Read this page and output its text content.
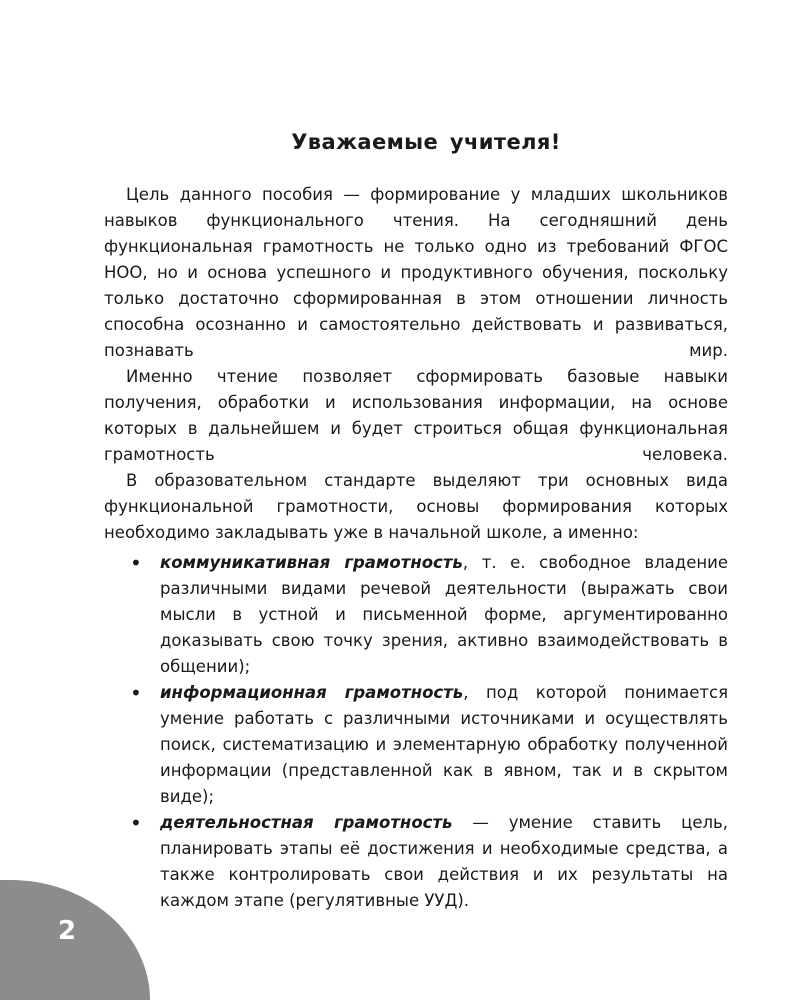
Уважаемые учителя!

Цель данного пособия — формирование у младших школьников навыков функционального чтения. На сегодняшний день функциональная грамотность не только одно из требований ФГОС НОО, но и основа успешного и продуктивного обучения, поскольку только достаточно сформированная в этом отношении личность способна осознанно и самостоятельно действовать и развиваться, познавать мир.

Именно чтение позволяет сформировать базовые навыки получения, обработки и использования информации, на основе которых в дальнейшем и будет строиться общая функциональная грамотность человека.

В образовательном стандарте выделяют три основных вида функциональной грамотности, основы формирования которых необходимо закладывать уже в начальной школе, а именно:

• коммуникативная грамотность, т. е. свободное владение различными видами речевой деятельности (выражать свои мысли в устной и письменной форме, аргументированно доказывать свою точку зрения, активно взаимодействовать в общении);
• информационная грамотность, под которой понимается умение работать с различными источниками и осуществлять поиск, систематизацию и элементарную обработку полученной информации (представленной как в явном, так и в скрытом виде);
• деятельностная грамотность — умение ставить цель, планировать этапы её достижения и необходимые средства, а также контролировать свои действия и их результаты на каждом этапе (регулятивные УУД).
2
